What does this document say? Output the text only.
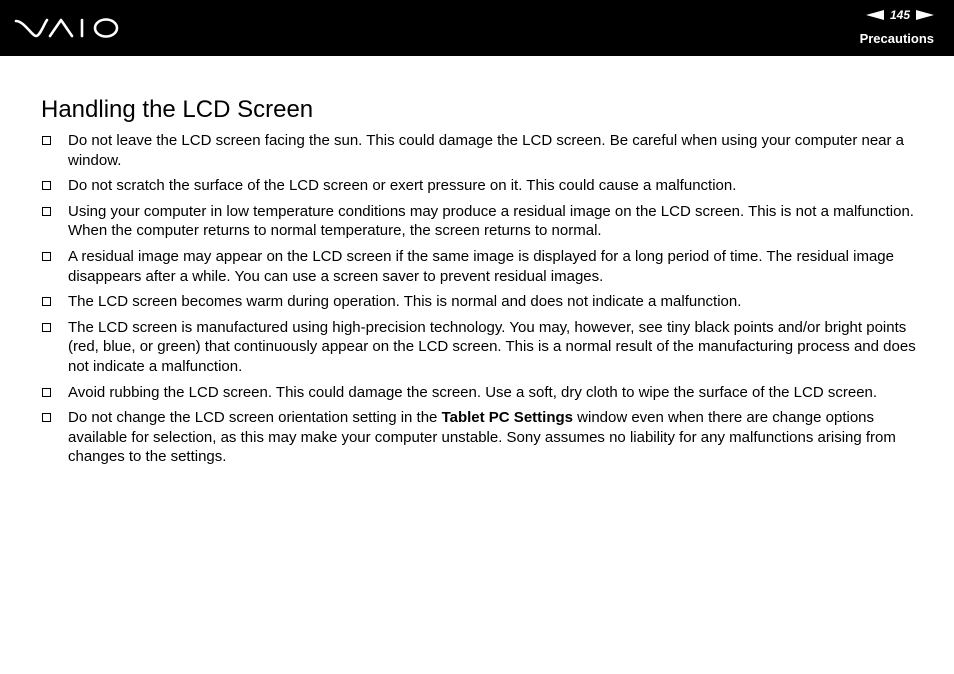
145
Precautions
Handling the LCD Screen
Do not leave the LCD screen facing the sun. This could damage the LCD screen. Be careful when using your computer near a window.
Do not scratch the surface of the LCD screen or exert pressure on it. This could cause a malfunction.
Using your computer in low temperature conditions may produce a residual image on the LCD screen. This is not a malfunction. When the computer returns to normal temperature, the screen returns to normal.
A residual image may appear on the LCD screen if the same image is displayed for a long period of time. The residual image disappears after a while. You can use a screen saver to prevent residual images.
The LCD screen becomes warm during operation. This is normal and does not indicate a malfunction.
The LCD screen is manufactured using high-precision technology. You may, however, see tiny black points and/or bright points (red, blue, or green) that continuously appear on the LCD screen. This is a normal result of the manufacturing process and does not indicate a malfunction.
Avoid rubbing the LCD screen. This could damage the screen. Use a soft, dry cloth to wipe the surface of the LCD screen.
Do not change the LCD screen orientation setting in the Tablet PC Settings window even when there are change options available for selection, as this may make your computer unstable. Sony assumes no liability for any malfunctions arising from changes to the settings.
